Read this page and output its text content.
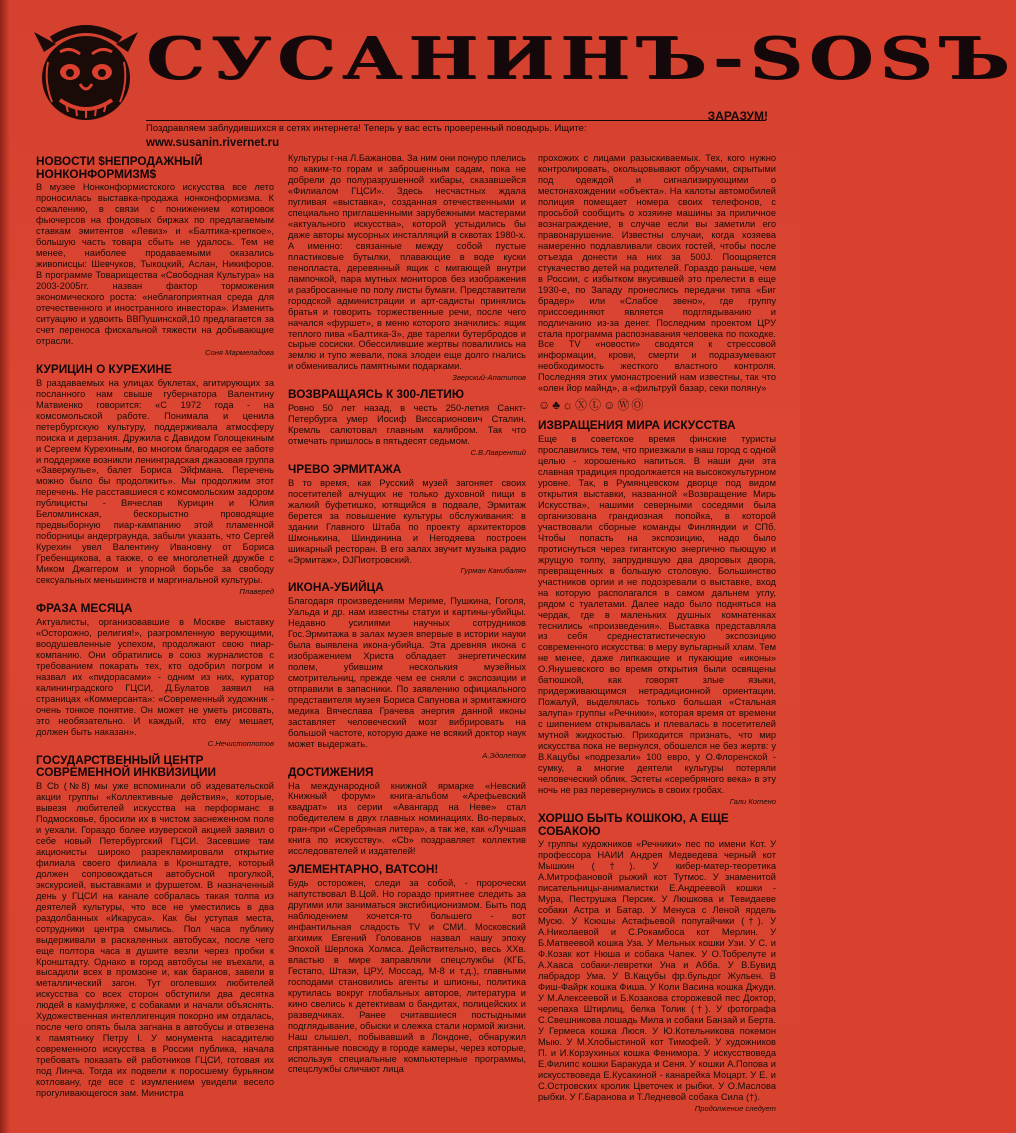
СУСАНИНЪ-SOSЪ
ЗАРАЗУМ!
Поздравляем заблудившихся в сетях интернета! Теперь у вас есть проверенный поводырь. Ищите:
www.susanin.rivernet.ru
НОВОСТИ $НЕПРОДАЖНЫЙ НОНКОНФОРМИЗМ$

В музее Нонконформистского искусства все лето проносилась выставка-продажа нонконформизма. К сожалению, в связи с понижением котировок фьючерсов на фондовых биржах по предлагаемым ставкам эмитентов «Левиз» и «Балтика-крепкое», большую часть товара сбыть не удалось. Тем не менее, наиболее продаваемыми оказались живописцы: Шевчуков, Тыкоцкий, Аслан, Никифоров. В программе Товарищества «Свободная Культура» на 2003-2005гг. назван фактор торможения экономического роста: «неблагоприятная среда для отечественного и иностранного инвестора». Изменить ситуацию и удвоить ВВПушинской,10 предлагается за счет переноса фискальной тяжести на добывающие отрасли.

Соня Мармеладова
КУРИЦИН О КУРЕХИНЕ

В раздаваемых на улицах буклетах, агитирующих за посланного нам свыше губернатора Валентину Матвиенко говорится: «С 1972 года - на комсомольской работе. Понимала и ценила петербургскую культуру, поддерживала атмосферу поиска и дерзания. Дружила с Давидом Голощекиным и Сергеем Курехиным, во многом благодаря ее заботе и поддержке возникли ленинградская джазовая группа «Заверкулье», балет Бориса Эйфмана. Перечень можно было бы продолжить». Мы продолжим этот перечень. Не расставшиеся с комсомольским задором публицисты - Вячеслав Курицин и Юлия Беломлинская, бескорыстно проводящие предвыборную пиар-кампанию этой пламенной поборницы андерграунда, забыли указать, что Сергей Курехин увел Валентину Ивановну от Бориса Гребенщикова, а также, о ее многолетней дружбе с Миком Джаггером и упорной борьбе за свободу сексуальных меньшинств и маргинальной культуры.

Плаверед
ФРАЗА МЕСЯЦА

Актуалисты, организовавшие в Москве выставку «Осторожно, религия!», разгромленную верующими, воодушевленные успехом, продолжают свою пиар-компанию. Они обратились в союз журналистов с требованием покарать тех, кто одобрил погром и назвал их «пидорасами» - одним из них, куратор калининградского ГЦСИ, Д.Булатов заявил на страницах «Коммерсанта»: «Современный художник - очень тонкое понятие. Он может не уметь рисовать, это необязательно. И каждый, кто ему мешает, должен быть наказан».

С.Нечистоплотов
ГОСУДАРСТВЕННЫЙ ЦЕНТР СОВРЕМЕННОЙ ИНКВИЗИЦИИ

В Сb (№8) мы уже вспоминали об издевательской акции группы «Коллективные действия», которые, вывезя любителей искусства на перформанс в Подмосковье, бросили их в чистом заснеженном поле и уехали. Гораздо более изуверской акцией заявил о себе новый Петербургский ГЦСИ. Засевшие там акционисты широко разрекламировали открытие филиала своего филиала в Кронштадте, который должен сопровождаться автобусной прогулкой, экскурсией, выставками и фуршетом. В назначенный день у ГЦСИ на канале собралась такая толпа из деятелей культуры, что все не уместились в два раздолбанных «Икаруса». Как бы уступая места, сотрудники центра смылись. Пол часа публику выдерживали в раскаленных автобусах, после чего еще полтора часа в душите везли через пробки к Кронштадту. Однако в город автобусы не въехали, а высадили всех в промзоне и, как баранов, завели в металлический загон. Тут оголевших любителей искусства со всех сторон обступили два десятка людей в камуфляже, с собаками и начали объяснять. Художественная интеллигенция покорно им отдалась, после чего опять была загнана в автобусы и отвезена к памятнику Петру I. У монумента насадителю современного искусства в России публика, начала требовать показать ей работников ГЦСИ, готовая их под Линча. Тогда их подвели к поросшему бурьяном котловану, где все с изумлением увидели весело прогуливающегося зам. Министра

Культуры г-на Л.Бажанова. За ним они понуро плелись по каким-то горам и заброшенным садам, пока не добрели до полуразрушенной хибары, сказавшейся «Филиалом ГЦСИ». Здесь несчастных ждала пугливая «выставка», созданная отечественными и специально приглашенными зарубежными мастерами «актуального искусства», которой устыдились бы даже авторы мусорных инсталляций в сквотах 1980-х. А именно: связанные между собой пустые пластиковые бутылки, плавающие в воде куски пенопласта, деревянный ящик с мигающей внутри лампочкой, пара мутных мониторов без изображения и разбросанные по полу листы бумаги. Представители городской администрации и арт-садисты принялись братья и говорить торжественные речи, после чего начался «фуршет», в меню которого значились: ящик теплого пива «Балтика-3», две тарелки бутербродов и сырые сосиски. Обессилившие жертвы повалились на землю и тупо жевали, пока злодеи еще долго гнались и обменивались памятными подарками.

Зверский-Апатитов
ВОЗВРАЩАЯСЬ К 300-ЛЕТИЮ

Ровно 50 лет назад, в честь 250-летия Санкт-Петербурга умер Иосиф Виссарионович Сталин. Кремль салютовал главным калибром. Так что отмечать пришлось в пятьдесят седьмом.

С.В.Лаврентий
ЧРЕВО ЭРМИТАЖА

В то время, как Русский музей загоняет своих посетителей алчущих не только духовной пищи в жалкий буфетишко, ютящийся в подвале, Эрмитаж берется за повышение культуры обслуживания: в здании Главного Штаба по проекту архитекторов Шмонькина, Шиндинина и Негодяева построен шикарный ресторан. В его залах звучит музыка радио «Эрмитаж», DJПиотровский.

Гурман Канибалян
ИКОНА-УБИЙЦА

Благодаря произведениям Мериме, Пушкина, Гоголя, Уальда и др. нам известны статуи и картины-убийцы. Недавно усилиями научных сотрудников Гос.Эрмитажа в залах музея впервые в истории науки была выявлена икона-убийца. Эта древняя икона с изображением Христа обладает энергетическим полем, убившим несколькия музейных смотрительниц, прежде чем ее сняли с экспозиции и отправили в запасники. По заявлению официального представителя музея Бориса Сапунова и эрмитажного медика Вячеслава Грачева энергия данной иконы заставляет человеческий мозг вибрировать на большой частоте, которую даже не всякий доктор наук может выдержать.

А.Эдолетов
ДОСТИЖЕНИЯ

На международной книжной ярмарке «Невский Книжный форум» книга-альбом «Арефьевский квадрат» из серии «Авангард на Неве» стал победителем в двух главных номинациях. Во-первых, гран-при «Серебряная литера», а так же, как «Лучшая книга по искусству». «Сb» поздравляет коллектив исследователей и издателей!

ЭЛЕМЕНТАРНО, ВАТСОН!

Будь осторожен, следи за собой, - пророчески напутствовал В.Цой. Но гораздо приятнее следить за другими или заниматься эксгибиционизмом. Быть под наблюдением хочется-то большего - вот инфантильная сладость TV и СМИ. Московский агхимик Евгений Голованов назвал нашу эпоху Эпохой Шерлока Холмса. Действительно, весь XXв. властью в мире заправляли спецслужбы (КГБ, Гестапо, Штази, ЦРУ, Моссад, M-8 и т.д.), главными господами становились агенты и шпионы, политика крутилась вокруг глобальных авторов, литература и кино свелись к детективам о бандитах, полицейских и разведчиках. Ранее считавшиеся постыдными подглядывание, обыски и слежка стали нормой жизни. Наш слышел, побывавший в Лондоне, обнаружил спрятанные повсюду в городе камеры, через которые, используя специальные компьютерные программы, спецслужбы сличают лица

прохожих с лицами разыскиваемых. Тех, кого нужно контролировать, окольцовывают обручами, скрытыми под одеждой и сигнализирующими о местонахождении «объекта». На калоты автомобилей полиция помещает номера своих телефонов, с просьбой сообщить о хозяине машины за приличное вознаграждение, в случае если вы заметили его правонарушение. Известны случаи, когда хозяева намеренно подлавливали своих гостей, чтобы после отъезда донести на них за 500J. Поощряется стукачество детей на родителей. Гораздо раньше, чем в России, с избытком вкусившей это прелести в еще 1930-е, по Западу пронеслись передачи типа «Биг брадер» или «Слабое звено», где группу приссоединяют является подглядыванию и подличанию из-за денег. Последним проектом ЦРУ стала программа распознавания человека по походке. Все ТV «новости» сводятся к стрессовой информации, крови, смерти и подразумевают необходимость жесткого властного контроля. Последняя этих умонастроений нам известны, так что «олен йор майнд», а «фильтруй базар, секи поляну»

☺♣☼ⓍⓁ☺ⓌⓄ
ИЗВРАЩЕНИЯ МИРА ИСКУССТВА

Еще в советское время финские туристы прославились тем, что приезжали в наш город с одной целью - хорошенько напиться. В наши дни эта славная традиция продолжается на высококультурном уровне. Так, в Румянцевском дворце под видом открытия выставки, названной «Возвращение Мирь Искусства», нашими северными соседями была организована грандиозная попойка, в которой участвовали сборные команды Финляндии и СПб. Чтобы попасть на экспозицию, надо было протиснуться через гигантскую энергично пьющую и жрущую толпу, запрудившую два дворовых двора, превращенных в большую столовую. Большинство участников оргии и не подозревали о выставке, вход на которую располагался в самом дальнем углу, рядом с туалетами. Далее надо было подняться на чердак, где в маленьких душных комнатенках теснились «произведения». Выставка представляла из себя среднестатистическую экспозицию современного искусства: в меру вульгарный хлам. Тем не менее, даже липкающие и пукающие «иконы» О.Янушевского во время открытия были освящены батюшкой, как говорят злые языки, придерживающимся нетрадиционной ориентации. Пожалуй, выделялась только большая «Стальная залупа» группы «Речники», которая время от времени с шипением открывалась и плевалась в посетителей мутной жидкостью. Приходится признать, что мир искусства пока не вернулся, обошелся не без жертв: у В.Кацубы «подрезали» 100 евро, у О.Флоренской - сумку, а многие деятели культуры потеряли человеческий облик. Эстеты «серебряного века» в эту ночь не раз перевернулись в своих гробах.

Гали Котено
ХОРШО БЫТЬ КОШКОЮ, А ЕЩЕ СОБАКОЮ

У группы художников «Речники» пес по имени Кот. У профессора НАИИ Андрея Медведева черный кот Мышкин (†). У кибер-матер-теоретика А.Митрофановой рыжий кот Тутмос. У знаменитой писательницы-анималистки Е.Андреевой кошки - Мура, Пеструшка Персик. У Люшкова и Тевидаеве собаки Астра и Батар. У Менуса с Леной ярдель Мусю. У Ксюшы Астафьевой попугайчики (†). У А.Николаевой и С.Рокамбоса кот Мерлин. У Б.Матвеевой кошка Уза. У Мельных кошки Уэи. У С. и Ф.Козак кот Нюша и собака Чапек. У О.Тобрелуте и А.Хааса собаки-левретки Уна и Абба. У В.Бувид лабрадор Ума. У В.Кацубы фр.бульдог Жульен. В Фиш-Файрк кошка Фиша. У Коли Васина кошка Джуди. У М.Алексеевой и Б.Козакова сторожевой пес Доктор, черепаха Штирлиц, белка Толик (†). У фотографа С.Свешникова лошадь Мила и собаки Банзай и Берта. У Гермеса кошка Люся. У Ю.Котельникова покемон Мыю. У М.Хлобыстиной кот Тимофей. У художников П. и И.Корзухиных кошка Фенимора. У искусствоведа Е.Филипс кошки Баракуда и Сеня. У кошки А.Попова и искусствоведа Е.Кусакиной - канарейка Моцарт. У Е. и С.Островских кролик Цветочек и рыбки. У О.Маслова рыбки. У Г.Баранова и Т.Ледневой собака Сила (†).

Продолжение следует
